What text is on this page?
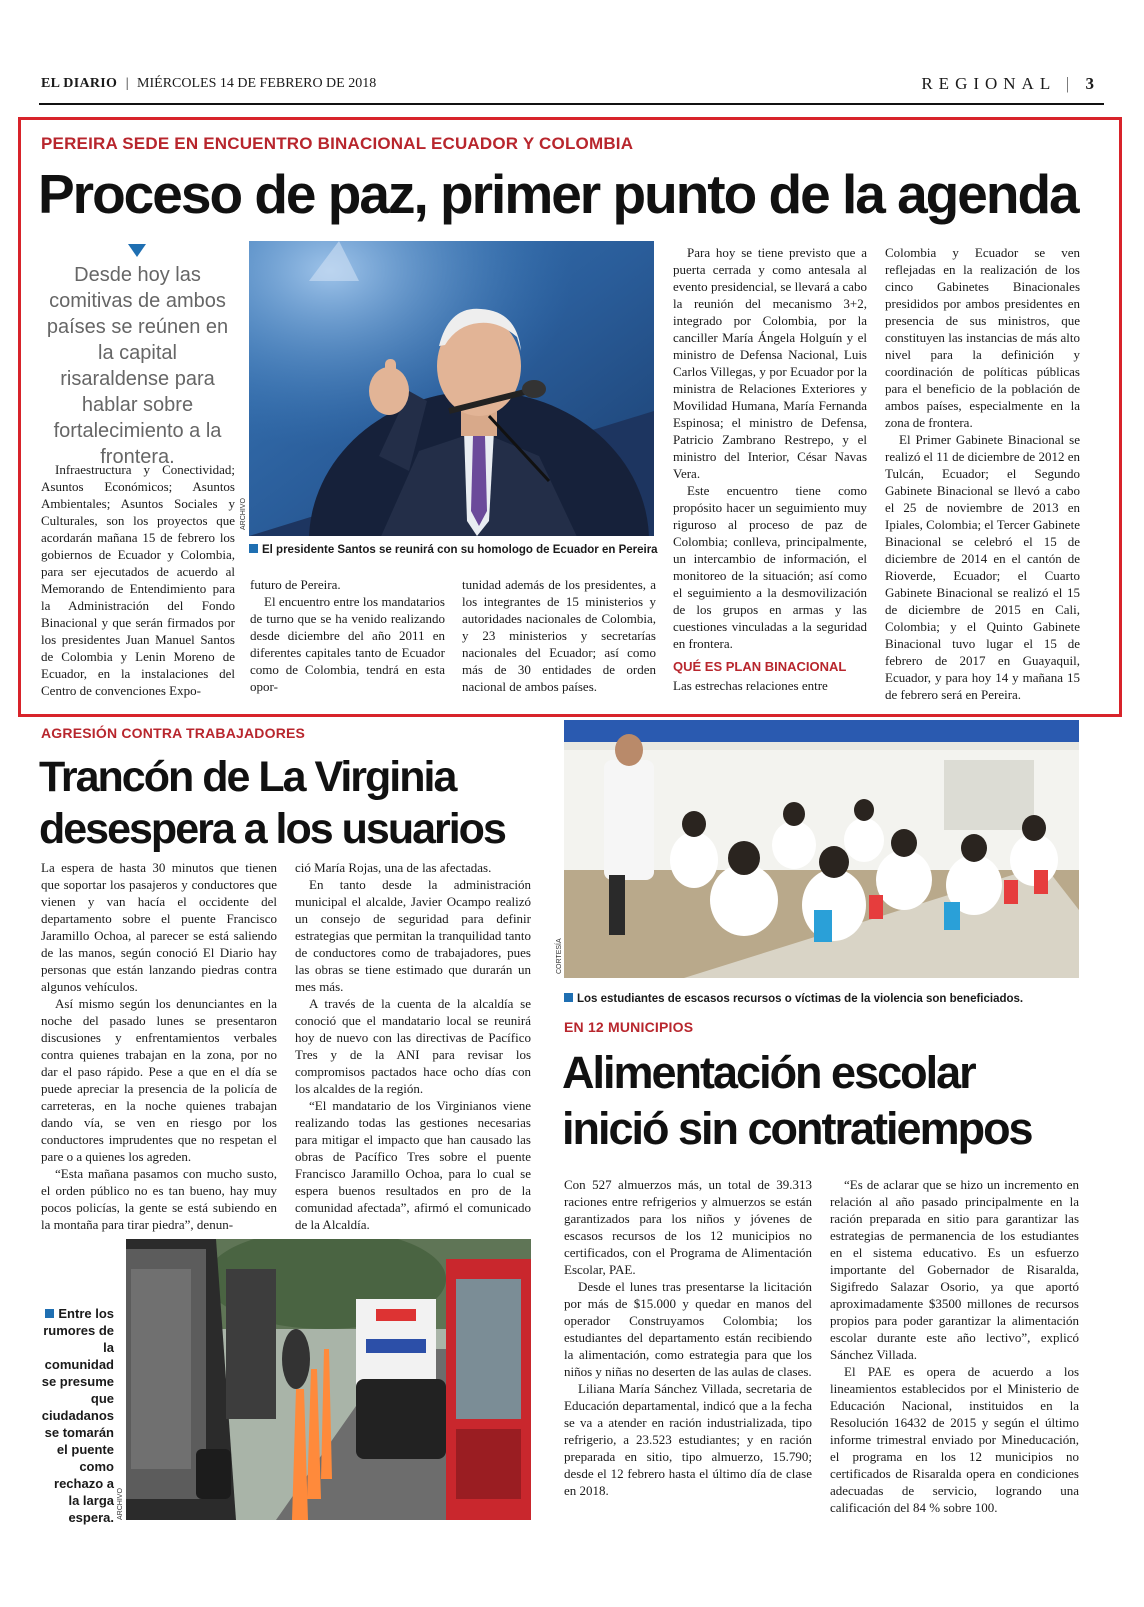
EL DIARIO | MIÉRCOLES 14 DE FEBRERO DE 2018	REGIONAL | 3
PEREIRA SEDE EN ENCUENTRO BINACIONAL ECUADOR Y COLOMBIA
Proceso de paz, primer punto de la agenda
Desde hoy las comitivas de ambos países se reúnen en la capital risaraldense para hablar sobre fortalecimiento a la frontera.

Infraestructura y Conectividad; Asuntos Económicos; Asuntos Ambientales; Asuntos Sociales y Culturales, son los proyectos que acordarán mañana 15 de febrero los gobiernos de Ecuador y Colombia, para ser ejecutados de acuerdo al Memorando de Entendimiento para la Administración del Fondo Binacional y que serán firmados por los presidentes Juan Manuel Santos de Colombia y Lenin Moreno de Ecuador, en la instalaciones del Centro de convenciones Expo-

ARCHIVO
El presidente Santos se reunirá con su homologo de Ecuador en Pereira

futuro de Pereira.

El encuentro entre los mandatarios de turno que se ha venido realizando desde diciembre del año 2011 en diferentes capitales tanto de Ecuador como de Colombia, tendrá en esta opor-

tunidad además de los presidentes, a los integrantes de 15 ministerios y autoridades nacionales de Colombia, y 23 ministerios y secretarías nacionales del Ecuador; así como más de 30 entidades de orden nacional de ambos países.

Para hoy se tiene previsto que a puerta cerrada y como antesala al evento presidencial, se llevará a cabo la reunión del mecanismo 3+2, integrado por Colombia, por la canciller María Ángela Holguín y el ministro de Defensa Nacional, Luis Carlos Villegas, y por Ecuador por la ministra de Relaciones Exteriores y Movilidad Humana, María Fernanda Espinosa; el ministro de Defensa, Patricio Zambrano Restrepo, y el ministro del Interior, César Navas Vera.

Este encuentro tiene como propósito hacer un seguimiento muy riguroso al proceso de paz de Colombia; conlleva, principalmente, un intercambio de información, el monitoreo de la situación; así como el seguimiento a la desmovilización de los grupos en armas y las cuestiones vinculadas a la seguridad en frontera.

QUÉ ES PLAN BINACIONAL

Las estrechas relaciones entre

Colombia y Ecuador se ven reflejadas en la realización de los cinco Gabinetes Binacionales presididos por ambos presidentes en presencia de sus ministros, que constituyen las instancias de más alto nivel para la definición y coordinación de políticas públicas para el beneficio de la población de ambos países, especialmente en la zona de frontera.

El Primer Gabinete Binacional se realizó el 11 de diciembre de 2012 en Tulcán, Ecuador; el Segundo Gabinete Binacional se llevó a cabo el 25 de noviembre de 2013 en Ipiales, Colombia; el Tercer Gabinete Binacional se celebró el 15 de diciembre de 2014 en el cantón de Rioverde, Ecuador; el Cuarto Gabinete Binacional se realizó el 15 de diciembre de 2015 en Cali, Colombia; y el Quinto Gabinete Binacional tuvo lugar el 15 de febrero de 2017 en Guayaquil, Ecuador, y para hoy 14 y mañana 15 de febrero será en Pereira.

AGRESIÓN CONTRA TRABAJADORES
Trancón de La Virginia
desespera a los usuarios

La espera de hasta 30 minutos que tienen que soportar los pasajeros y conductores que vienen y van hacía el occidente del departamento sobre el puente Francisco Jaramillo Ochoa, al parecer se está saliendo de las manos, según conoció El Diario hay personas que están lanzando piedras contra algunos vehículos.

Así mismo según los denunciantes en la noche del pasado lunes se presentaron discusiones y enfrentamientos verbales contra quienes trabajan en la zona, por no dar el paso rápido. Pese a que en el día se puede apreciar la presencia de la policía de carreteras, en la noche quienes trabajan dando vía, se ven en riesgo por los conductores imprudentes que no respetan el pare o a quienes los agreden.

“Esta mañana pasamos con mucho susto, el orden público no es tan bueno, hay muy pocos policías, la gente se está subiendo en la montaña para tirar piedra”, denun-

ció María Rojas, una de las afectadas.

En tanto desde la administración municipal el alcalde, Javier Ocampo realizó un consejo de seguridad para definir estrategias que permitan la tranquilidad tanto de conductores como de trabajadores, pues las obras se tiene estimado que durarán un mes más.

A través de la cuenta de la alcaldía se conoció que el mandatario local se reunirá hoy de nuevo con las directivas de Pacífico Tres y de la ANI para revisar los compromisos pactados hace ocho días con los alcaldes de la región.

“El mandatario de los Virginianos viene realizando todas las gestiones necesarias para mitigar el impacto que han causado las obras de Pacífico Tres sobre el puente Francisco Jaramillo Ochoa, para lo cual se espera buenos resultados en pro de la comunidad afectada”, afirmó el comunicado de la Alcaldía.

Entre los rumores de la comunidad se presume que ciudadanos se tomarán el puente como rechazo a la larga espera. ARCHIVO
CORTESÍA
Los estudiantes de escasos recursos o víctimas de la violencia son beneficiados.
EN 12 MUNICIPIOS
Alimentación escolar
inició sin contratiempos

Con 527 almuerzos más, un total de 39.313 raciones entre refrigerios y almuerzos se están garantizados para los niños y jóvenes de escasos recursos de los 12 municipios no certificados, con el Programa de Alimentación Escolar, PAE.

Desde el lunes tras presentarse la licitación por más de $15.000 y quedar en manos del operador Construyamos Colombia; los estudiantes del departamento están recibiendo la alimentación, como estrategia para que los niños y niñas no deserten de las aulas de clases.

Liliana María Sánchez Villada, secretaria de Educación departamental, indicó que a la fecha se va a atender en ración industrializada, tipo refrigerio, a 23.523 estudiantes; y en ración preparada en sitio, tipo almuerzo, 15.790; desde el 12 febrero hasta el último día de clase en 2018.

“Es de aclarar que se hizo un incremento en relación al año pasado principalmente en la ración preparada en sitio para garantizar las estrategias de permanencia de los estudiantes en el sistema educativo. Es un esfuerzo importante del Gobernador de Risaralda, Sigifredo Salazar Osorio, ya que aportó aproximadamente $3500 millones de recursos propios para poder garantizar la alimentación escolar durante este año lectivo”, explicó Sánchez Villada.

El PAE es opera de acuerdo a los lineamientos establecidos por el Ministerio de Educación Nacional, instituidos en la Resolución 16432 de 2015 y según el último informe trimestral enviado por Mineducación, el programa en los 12 municipios no certificados de Risaralda opera en condiciones adecuadas de servicio, logrando una calificación del 84 % sobre 100.
